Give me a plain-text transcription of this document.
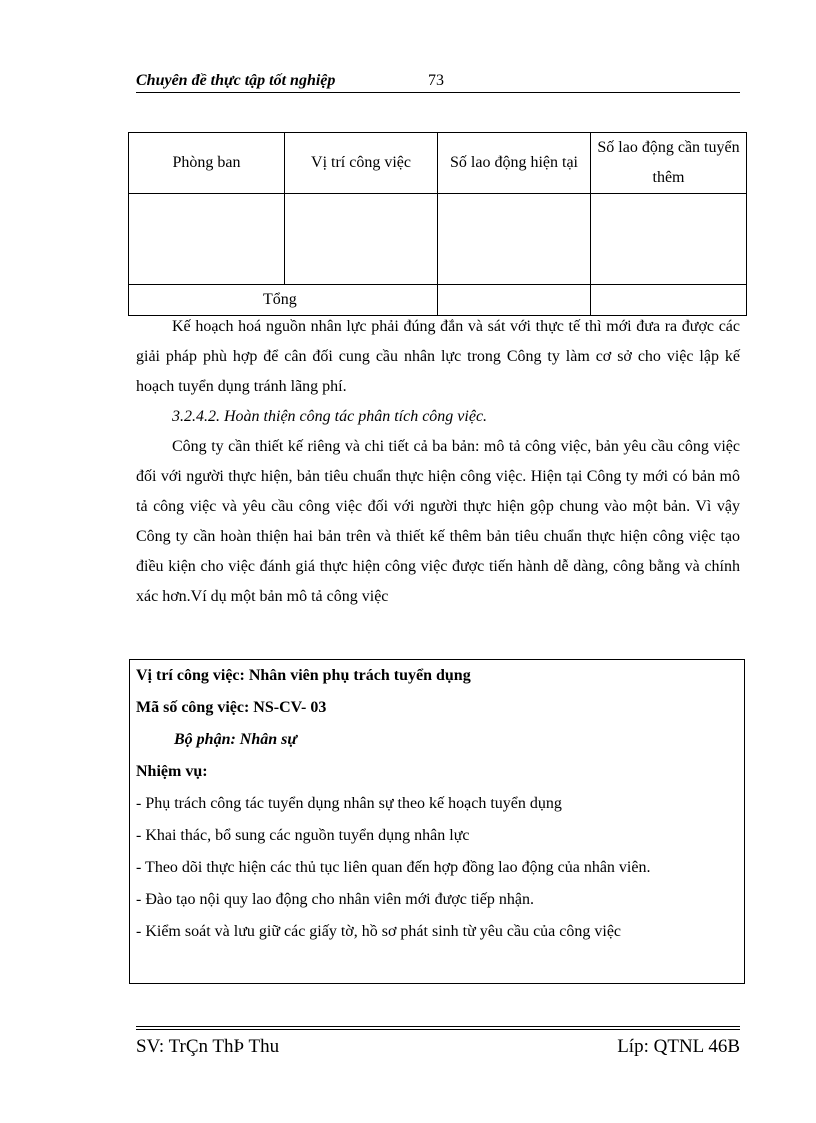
Chuyên đề thực tập tốt nghiệp	73
Phòng ban	Vị trí công việc	Số lao động hiện tại	Số lao động cần tuyển thêm

Tổng			

Kế hoạch hoá nguồn nhân lực phải đúng đắn và sát với thực tế thì mới đưa ra được các giải pháp phù hợp để cân đối cung cầu nhân lực trong Công ty làm cơ sở cho việc lập kế hoạch tuyển dụng tránh lãng phí.

3.2.4.2. Hoàn thiện công tác phân tích công việc.

Công ty cần thiết kế riêng và chi tiết cả ba bản: mô tả công việc, bản yêu cầu công việc đối với người thực hiện, bản tiêu chuẩn thực hiện công việc. Hiện tại Công ty mới có bản mô tả công việc và yêu cầu công việc đối với người thực hiện gộp chung vào một bản. Vì vậy Công ty cần hoàn thiện hai bản trên và thiết kế thêm bản tiêu chuẩn thực hiện công việc tạo điều kiện cho việc đánh giá thực hiện công việc được tiến hành dễ dàng, công bằng và chính xác hơn.Ví dụ một bản mô tả công việc

Vị trí công việc: Nhân viên phụ trách tuyển dụng

Mã số công việc: NS-CV- 03

Bộ phận: Nhân sự

Nhiệm vụ:

- Phụ trách công tác tuyển dụng nhân sự theo kế hoạch tuyển dụng

- Khai thác, bổ sung các nguồn tuyển dụng nhân lực

- Theo dõi thực hiện các thủ tục liên quan đến hợp đồng lao động của nhân viên.

- Đào tạo nội quy lao động cho nhân viên mới được tiếp nhận.

- Kiểm soát và lưu giữ các giấy tờ, hồ sơ phát sinh từ yêu cầu của công việc

SV: TrÇn ThÞ Thu	Líp: QTNL 46B
